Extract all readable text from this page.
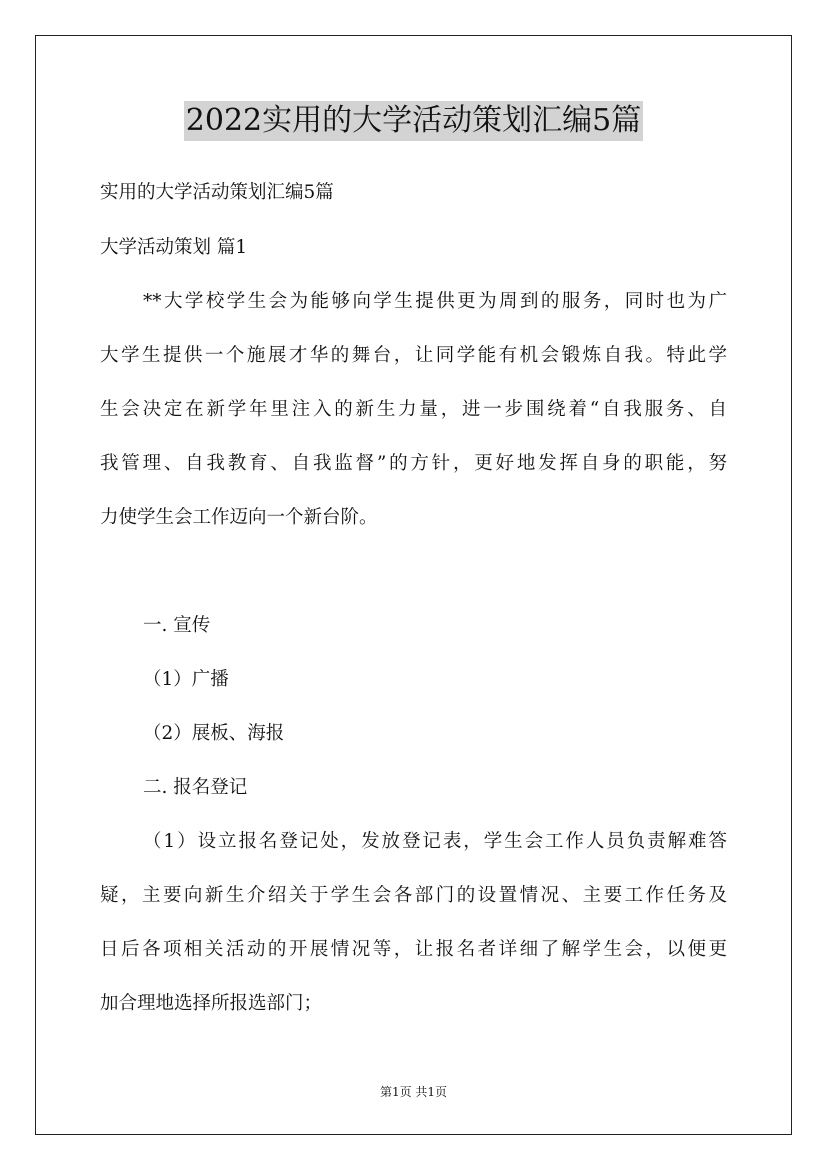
2022实用的大学活动策划汇编5篇
实用的大学活动策划汇编5篇
大学活动策划 篇1
**大学校学生会为能够向学生提供更为周到的服务，同时也为广
大学生提供一个施展才华的舞台，让同学能有机会锻炼自我。特此学
生会决定在新学年里注入的新生力量，进一步围绕着“自我服务、自
我管理、自我教育、自我监督”的方针，更好地发挥自身的职能，努
力使学生会工作迈向一个新台阶。
一. 宣传
（1）广播
（2）展板、海报
二. 报名登记
（1）设立报名登记处，发放登记表，学生会工作人员负责解难答
疑，主要向新生介绍关于学生会各部门的设置情况、主要工作任务及
日后各项相关活动的开展情况等，让报名者详细了解学生会，以便更
加合理地选择所报选部门；
第1页 共1页
